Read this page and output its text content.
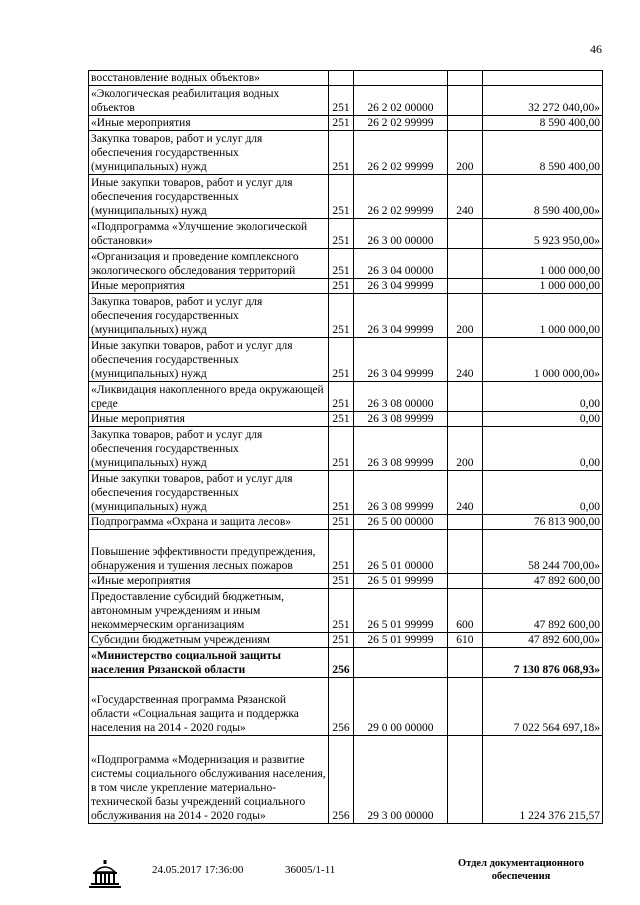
46
восстановление водных объектов»				
«Экологическая реабилитация водных объектов	251	26 2 02 00000		32 272 040,00»
«Иные мероприятия	251	26 2 02 99999		8 590 400,00
Закупка товаров, работ и услуг для обеспечения государственных (муниципальных) нужд	251	26 2 02 99999	200	8 590 400,00
Иные закупки товаров, работ и услуг для обеспечения государственных (муниципальных) нужд	251	26 2 02 99999	240	8 590 400,00»
«Подпрограмма «Улучшение экологической обстановки»	251	26 3 00 00000		5 923 950,00»
«Организация и проведение комплексного экологического обследования территорий	251	26 3 04 00000		1 000 000,00
Иные мероприятия	251	26 3 04 99999		1 000 000,00
Закупка товаров, работ и услуг для обеспечения государственных (муниципальных) нужд	251	26 3 04 99999	200	1 000 000,00
Иные закупки товаров, работ и услуг для обеспечения государственных (муниципальных) нужд	251	26 3 04 99999	240	1 000 000,00»
«Ликвидация накопленного вреда окружающей среде	251	26 3 08 00000		0,00
Иные мероприятия	251	26 3 08 99999		0,00
Закупка товаров, работ и услуг для обеспечения государственных (муниципальных) нужд	251	26 3 08 99999	200	0,00
Иные закупки товаров, работ и услуг для обеспечения государственных (муниципальных) нужд	251	26 3 08 99999	240	0,00
Подпрограмма «Охрана и защита лесов»	251	26 5 00 00000		76 813 900,00
Повышение эффективности предупреждения, обнаружения и тушения лесных пожаров	251	26 5 01 00000		58 244 700,00»
«Иные мероприятия	251	26 5 01 99999		47 892 600,00
Предоставление субсидий бюджетным, автономным учреждениям и иным некоммерческим организациям	251	26 5 01 99999	600	47 892 600,00
Субсидии бюджетным учреждениям	251	26 5 01 99999	610	47 892 600,00»
«Министерство социальной защиты населения Рязанской области	256			7 130 876 068,93»
«Государственная программа Рязанской области «Социальная защита и поддержка населения на 2014 - 2020 годы»	256	29 0 00 00000		7 022 564 697,18»
«Подпрограмма «Модернизация и развитие системы социального обслуживания населения, в том числе укрепление материально-технической базы учреждений социального обслуживания на 2014 - 2020 годы»	256	29 3 00 00000		1 224 376 215,57
24.05.2017 17:36:00	36005/1-11
Отдел документационного обеспечения
